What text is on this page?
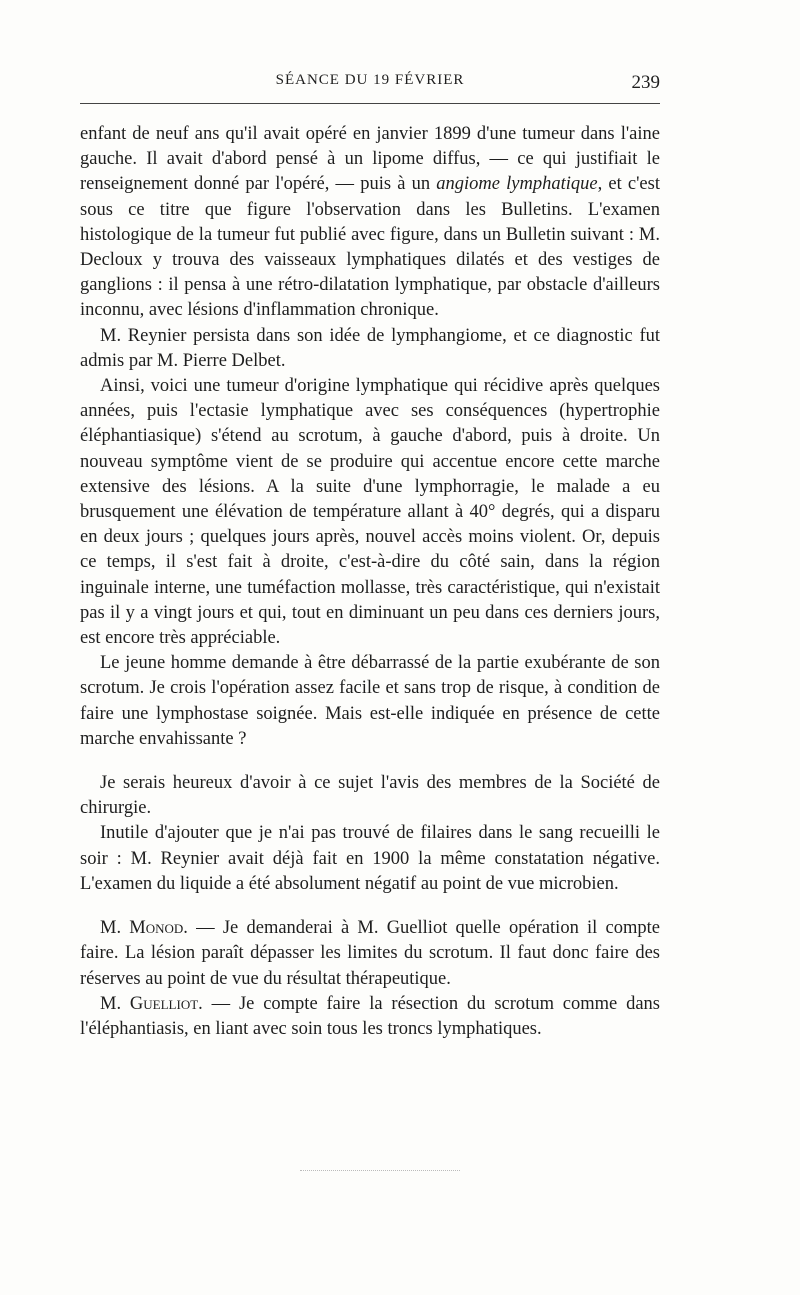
SÉANCE DU 19 FÉVRIER	239

enfant de neuf ans qu'il avait opéré en janvier 1899 d'une tumeur dans l'aine gauche. Il avait d'abord pensé à un lipome diffus, — ce qui justifiait le renseignement donné par l'opéré, — puis à un angiome lymphatique, et c'est sous ce titre que figure l'observation dans les Bulletins. L'examen histologique de la tumeur fut publié avec figure, dans un Bulletin suivant : M. Decloux y trouva des vaisseaux lymphatiques dilatés et des vestiges de ganglions : il pensa à une rétro-dilatation lymphatique, par obstacle d'ailleurs inconnu, avec lésions d'inflammation chronique.

M. Reynier persista dans son idée de lymphangiome, et ce diagnostic fut admis par M. Pierre Delbet.

Ainsi, voici une tumeur d'origine lymphatique qui récidive après quelques années, puis l'ectasie lymphatique avec ses conséquences (hypertrophie éléphantiasique) s'étend au scrotum, à gauche d'abord, puis à droite. Un nouveau symptôme vient de se produire qui accentue encore cette marche extensive des lésions. A la suite d'une lymphorragie, le malade a eu brusquement une élévation de température allant à 40° degrés, qui a disparu en deux jours ; quelques jours après, nouvel accès moins violent. Or, depuis ce temps, il s'est fait à droite, c'est-à-dire du côté sain, dans la région inguinale interne, une tuméfaction mollasse, très caractéristique, qui n'existait pas il y a vingt jours et qui, tout en diminuant un peu dans ces derniers jours, est encore très appréciable.

Le jeune homme demande à être débarrassé de la partie exubérante de son scrotum. Je crois l'opération assez facile et sans trop de risque, à condition de faire une lymphostase soignée. Mais est-elle indiquée en présence de cette marche envahissante ?

Je serais heureux d'avoir à ce sujet l'avis des membres de la Société de chirurgie.

Inutile d'ajouter que je n'ai pas trouvé de filaires dans le sang recueilli le soir : M. Reynier avait déjà fait en 1900 la même constatation négative. L'examen du liquide a été absolument négatif au point de vue microbien.

M. Monod. — Je demanderai à M. Guelliot quelle opération il compte faire. La lésion paraît dépasser les limites du scrotum. Il faut donc faire des réserves au point de vue du résultat thérapeutique.

M. Guelliot. — Je compte faire la résection du scrotum comme dans l'éléphantiasis, en liant avec soin tous les troncs lymphatiques.
